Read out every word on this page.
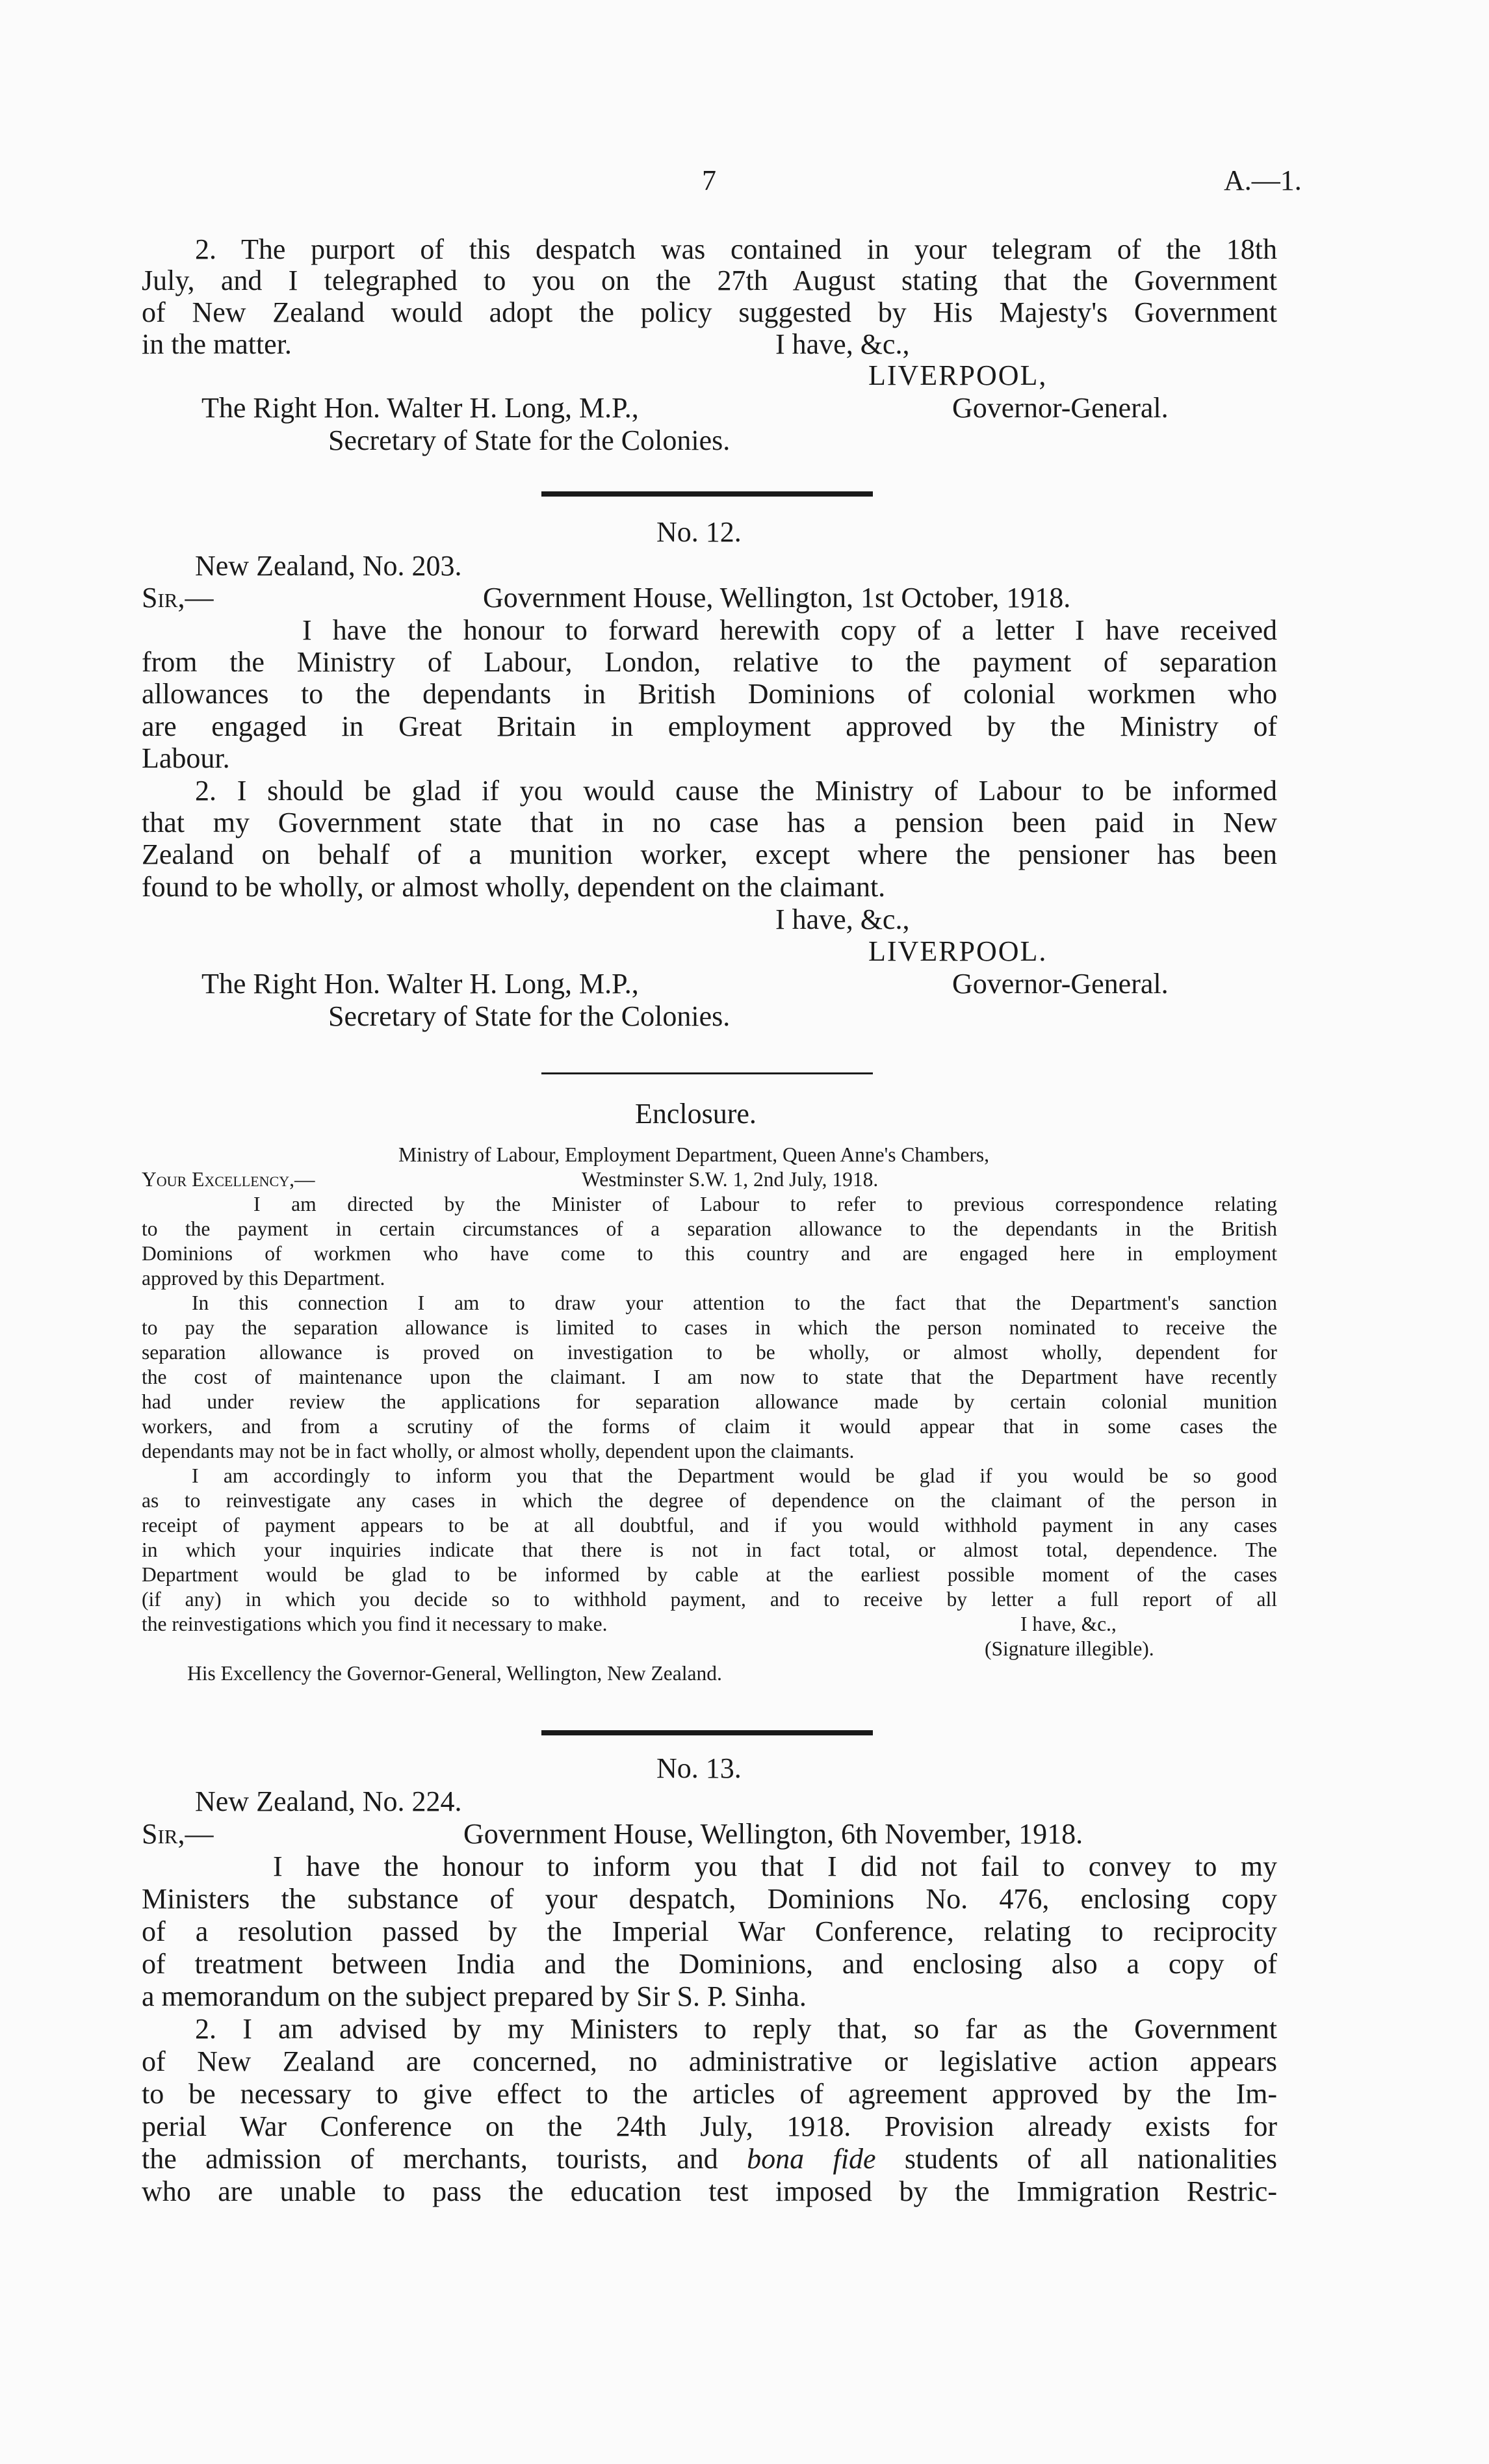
7	A.—1.
2. The purport of this despatch was contained in your telegram of the 18th
July, and I telegraphed to you on the 27th August stating that the Government
of New Zealand would adopt the policy suggested by His Majesty's Government
in the matter.	I have, &c.,
LIVERPOOL,
The Right Hon. Walter H. Long, M.P.,	Governor-General.
Secretary of State for the Colonies.
No. 12.
New Zealand, No. 203.
Sir,—	Government House, Wellington, 1st October, 1918.
I have the honour to forward herewith copy of a letter I have received
from the Ministry of Labour, London, relative to the payment of separation
allowances to the dependants in British Dominions of colonial workmen who
are engaged in Great Britain in employment approved by the Ministry of
Labour.
2. I should be glad if you would cause the Ministry of Labour to be informed
that my Government state that in no case has a pension been paid in New
Zealand on behalf of a munition worker, except where the pensioner has been
found to be wholly, or almost wholly, dependent on the claimant.
I have, &c.,
LIVERPOOL.
The Right Hon. Walter H. Long, M.P.,	Governor-General.
Secretary of State for the Colonies.
Enclosure.
Ministry of Labour, Employment Department, Queen Anne's Chambers,
Your Excellency,—	Westminster S.W. 1, 2nd July, 1918.
I am directed by the Minister of Labour to refer to previous correspondence relating
to the payment in certain circumstances of a separation allowance to the dependants in the British
Dominions of workmen who have come to this country and are engaged here in employment
approved by this Department.
In this connection I am to draw your attention to the fact that the Department's sanction
to pay the separation allowance is limited to cases in which the person nominated to receive the
separation allowance is proved on investigation to be wholly, or almost wholly, dependent for
the cost of maintenance upon the claimant. I am now to state that the Department have recently
had under review the applications for separation allowance made by certain colonial munition
workers, and from a scrutiny of the forms of claim it would appear that in some cases the
dependants may not be in fact wholly, or almost wholly, dependent upon the claimants.
I am accordingly to inform you that the Department would be glad if you would be so good
as to reinvestigate any cases in which the degree of dependence on the claimant of the person in
receipt of payment appears to be at all doubtful, and if you would withhold payment in any cases
in which your inquiries indicate that there is not in fact total, or almost total, dependence. The
Department would be glad to be informed by cable at the earliest possible moment of the cases
(if any) in which you decide so to withhold payment, and to receive by letter a full report of all
the reinvestigations which you find it necessary to make.	I have, &c.,
(Signature illegible).
His Excellency the Governor-General, Wellington, New Zealand.
No. 13.
New Zealand, No. 224.
Sir,—	Government House, Wellington, 6th November, 1918.
I have the honour to inform you that I did not fail to convey to my
Ministers the substance of your despatch, Dominions No. 476, enclosing copy
of a resolution passed by the Imperial War Conference, relating to reciprocity
of treatment between India and the Dominions, and enclosing also a copy of
a memorandum on the subject prepared by Sir S. P. Sinha.
2. I am advised by my Ministers to reply that, so far as the Government
of New Zealand are concerned, no administrative or legislative action appears
to be necessary to give effect to the articles of agreement approved by the Im-
perial War Conference on the 24th July, 1918. Provision already exists for
the admission of merchants, tourists, and bona fide students of all nationalities
who are unable to pass the education test imposed by the Immigration Restric-
